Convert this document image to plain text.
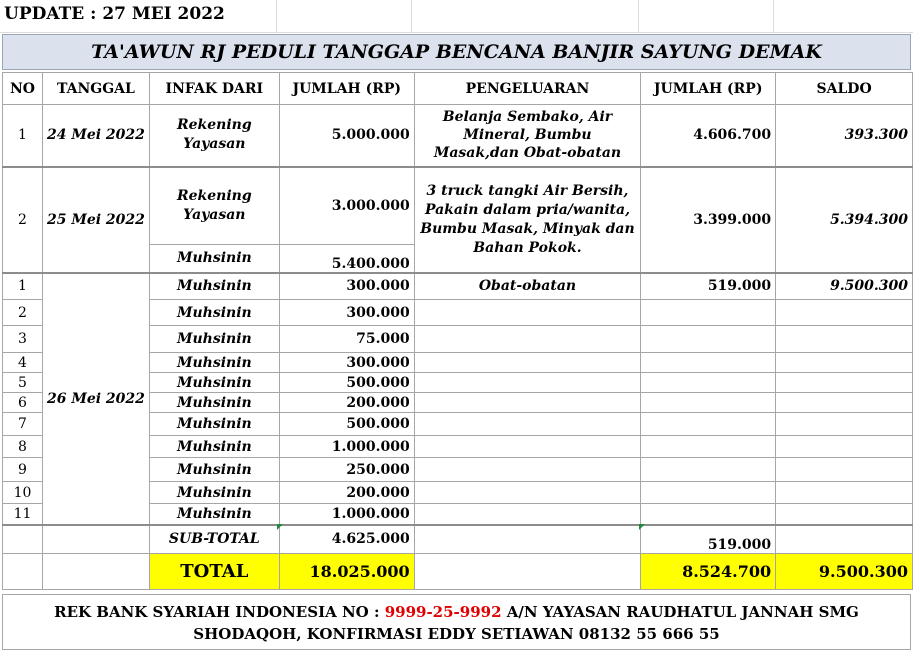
UPDATE : 27 MEI 2022
TA'AWUN RJ PEDULI TANGGAP BENCANA BANJIR SAYUNG DEMAK
NO	TANGGAL	INFAK DARI	JUMLAH (RP)	PENGELUARAN	JUMLAH (RP)	SALDO
1	24 Mei 2022	Rekening Yayasan	5.000.000	Belanja Sembako, Air Mineral, Bumbu Masak,dan Obat-obatan	4.606.700	393.300
2	25 Mei 2022	Rekening Yayasan	3.000.000	3 truck tangki Air Bersih, Pakain dalam pria/wanita, Bumbu Masak, Minyak dan Bahan Pokok.	3.399.000	5.394.300
		Muhsinin	5.400.000			
1	26 Mei 2022	Muhsinin	300.000	Obat-obatan	519.000	9.500.300
2		Muhsinin	300.000			
3		Muhsinin	75.000			
4		Muhsinin	300.000			
5		Muhsinin	500.000			
6		Muhsinin	200.000			
7		Muhsinin	500.000			
8		Muhsinin	1.000.000			
9		Muhsinin	250.000			
10		Muhsinin	200.000			
11		Muhsinin	1.000.000			
		SUB-TOTAL	4.625.000		519.000	
		TOTAL	18.025.000		8.524.700	9.500.300
REK BANK SYARIAH INDONESIA NO : 9999-25-9992 A/N YAYASAN RAUDHATUL JANNAH SMG
SHODAQOH, KONFIRMASI EDDY SETIAWAN 08132 55 666 55
